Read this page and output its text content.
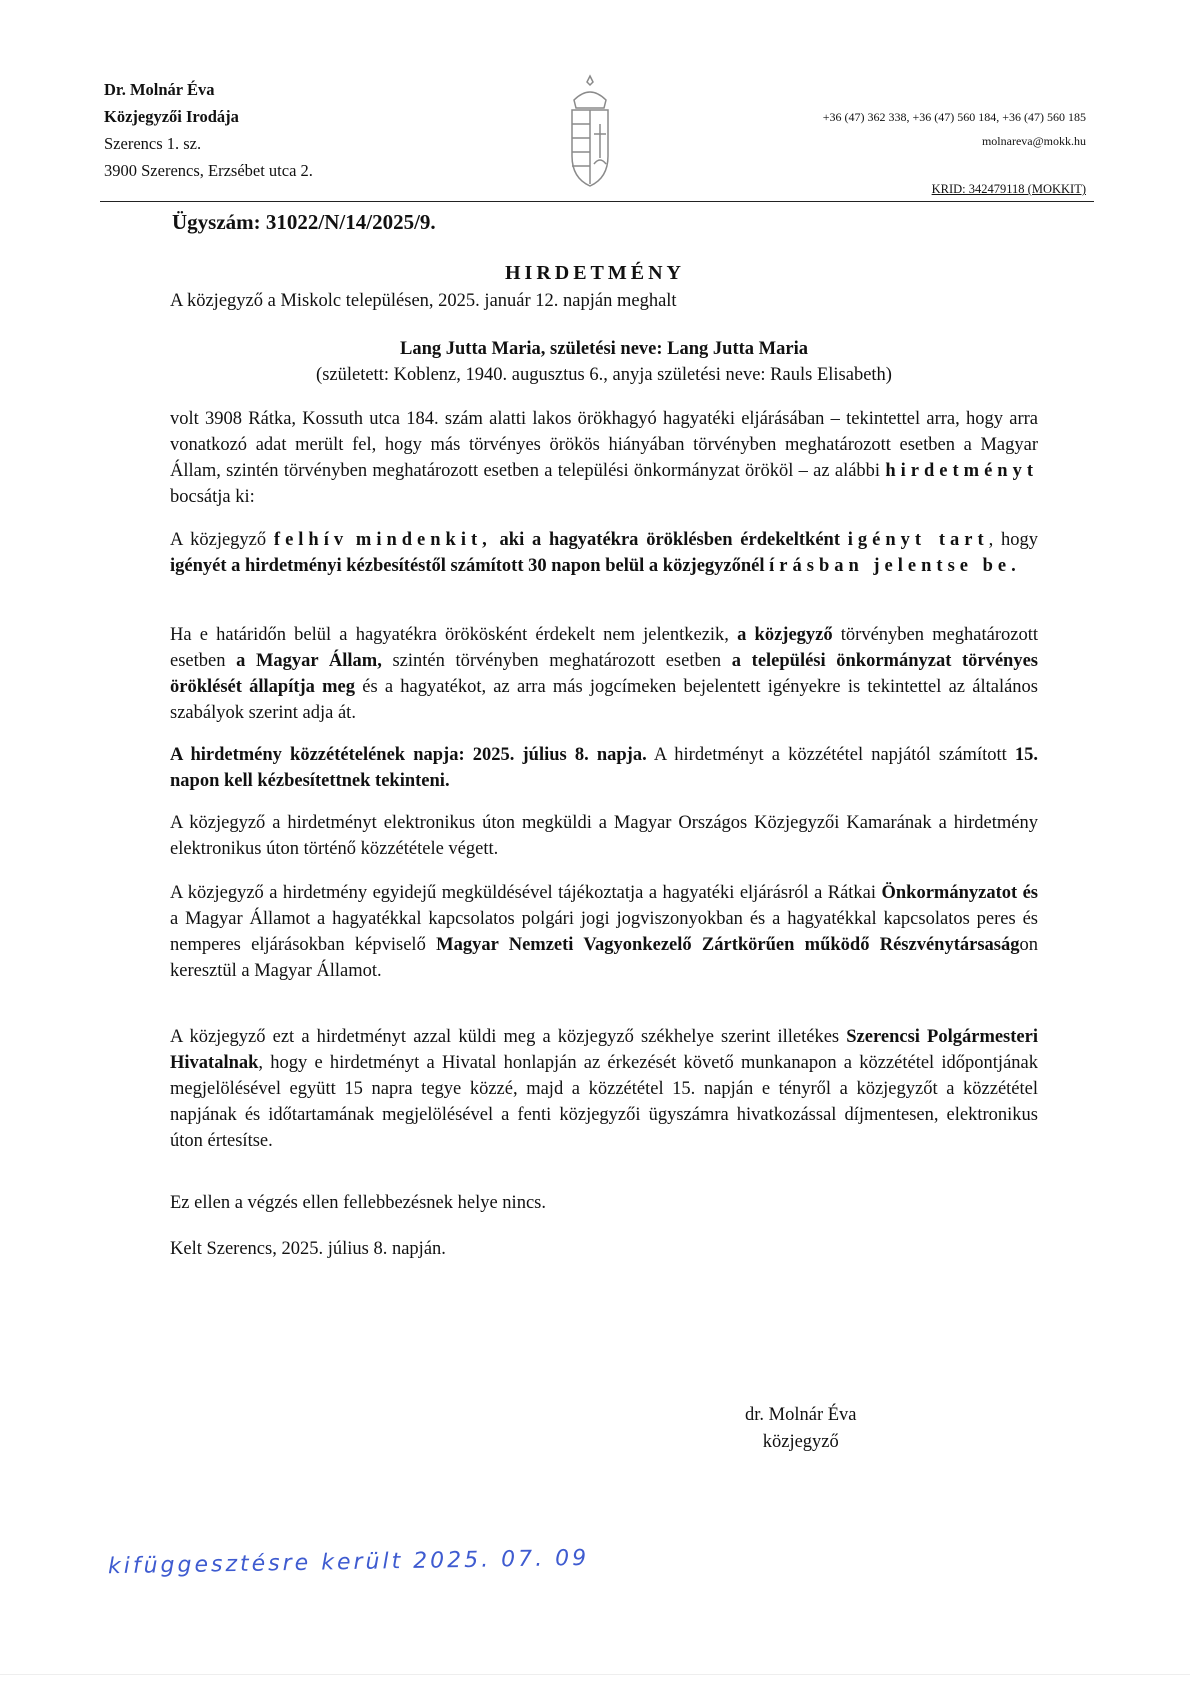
Dr. Molnár Éva
Közjegyzői Irodája
Szerencs 1. sz.
3900 Szerencs, Erzsébet utca 2.
+36 (47) 362 338, +36 (47) 560 184, +36 (47) 560 185
molnareva@mokk.hu
KRID: 342479118 (MOKKIT)
Ügyszám: 31022/N/14/2025/9.
HIRDETMÉNY
A közjegyző a Miskolc településen, 2025. január 12. napján meghalt
Lang Jutta Maria, születési neve: Lang Jutta Maria
(született: Koblenz, 1940. augusztus 6., anyja születési neve: Rauls Elisabeth)
volt 3908 Rátka, Kossuth utca 184. szám alatti lakos örökhagyó hagyatéki eljárásában – tekintettel arra, hogy arra vonatkozó adat merült fel, hogy más törvényes örökös hiányában törvényben meghatározott esetben a Magyar Állam, szintén törvényben meghatározott esetben a települési önkormányzat örököl – az alábbi hirdetményt bocsátja ki:
A közjegyző felhív mindenkit, aki a hagyatékra öröklésben érdekeltként igényt tart, hogy igényét a hirdetményi kézbesítéstől számított 30 napon belül a közjegyzőnél írásban jelentse be.
Ha e határidőn belül a hagyatékra örökösként érdekelt nem jelentkezik, a közjegyző törvényben meghatározott esetben a Magyar Állam, szintén törvényben meghatározott esetben a települési önkormányzat törvényes öröklését állapítja meg és a hagyatékot, az arra más jogcímeken bejelentett igényekre is tekintettel az általános szabályok szerint adja át.
A hirdetmény közzétételének napja: 2025. július 8. napja. A hirdetményt a közzététel napjától számított 15. napon kell kézbesítettnek tekinteni.
A közjegyző a hirdetményt elektronikus úton megküldi a Magyar Országos Közjegyzői Kamarának a hirdetmény elektronikus úton történő közzététele végett.
A közjegyző a hirdetmény egyidejű megküldésével tájékoztatja a hagyatéki eljárásról a Rátkai Önkormányzatot és a Magyar Államot a hagyatékkal kapcsolatos polgári jogi jogviszonyokban és a hagyatékkal kapcsolatos peres és nemperes eljárásokban képviselő Magyar Nemzeti Vagyonkezelő Zártkörűen működő Részvénytársaságon keresztül a Magyar Államot.
A közjegyző ezt a hirdetményt azzal küldi meg a közjegyző székhelye szerint illetékes Szerencsi Polgármesteri Hivatalnak, hogy e hirdetményt a Hivatal honlapján az érkezését követő munkanapon a közzététel időpontjának megjelölésével együtt 15 napra tegye közzé, majd a közzététel 15. napján e tényről a közjegyzőt a közzététel napjának és időtartamának megjelölésével a fenti közjegyzői ügyszámra hivatkozással díjmentesen, elektronikus úton értesítse.
Ez ellen a végzés ellen fellebbezésnek helye nincs.
Kelt Szerencs, 2025. július 8. napján.
dr. Molnár Éva
közjegyző
kifüggesztésre került 2025. 07. 09
